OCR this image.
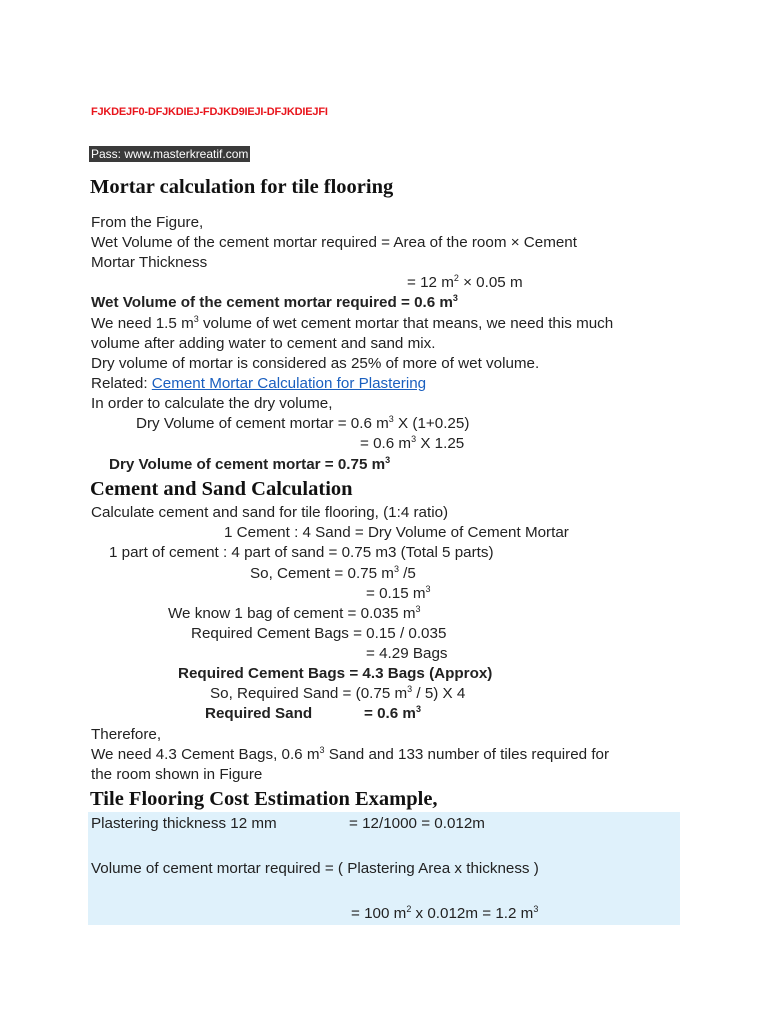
FJKDEJF0-DFJKDIEJ-FDJKD9IEJI-DFJKDIEJFI
Pass: www.masterkreatif.com
Mortar calculation for tile flooring
From the Figure,
Wet Volume of the cement mortar required = Area of the room × Cement
Mortar Thickness
= 12 $m^2 \times 0.05$ m
Wet Volume of the cement mortar required = 0.6 $m^3$
We need 1.5 $m^3$ volume of wet cement mortar that means, we need this much
volume after adding water to cement and sand mix.
Dry volume of mortar is considered as 25% of more of wet volume.
Related: Cement Mortar Calculation for Plastering
In order to calculate the dry volume,
Dry Volume of cement mortar = 0.6 $m^3$ X (1+0.25)
= 0.6 $m^3$ X 1.25
Dry Volume of cement mortar = 0.75 $m^3$
Cement and Sand Calculation
Calculate cement and sand for tile flooring, (1:4 ratio)
1 Cement : 4 Sand = Dry Volume of Cement Mortar
1 part of cement : 4 part of sand = 0.75 m3 (Total 5 parts)
So, Cement = 0.75 $m^3$ /5
= 0.15 $m^3$
We know 1 bag of cement = 0.035 $m^3$
Required Cement Bags = 0.15 / 0.035
= 4.29 Bags
Required Cement Bags = 4.3 Bags (Approx)
So, Required Sand = (0.75 $m^3 / 5$) X 4
Required Sand	= 0.6 $m^3$
Therefore,
We need 4.3 Cement Bags, 0.6 $m^3$ Sand and 133 number of tiles required for
the room shown in Figure
Tile Flooring Cost Estimation Example,
Plastering thickness 12 mm	= 12/1000 = 0.012m
Volume of cement mortar required = ( Plastering Area x thickness )
= 100 $m^2$ x 0.012m = 1.2 $m^3$
